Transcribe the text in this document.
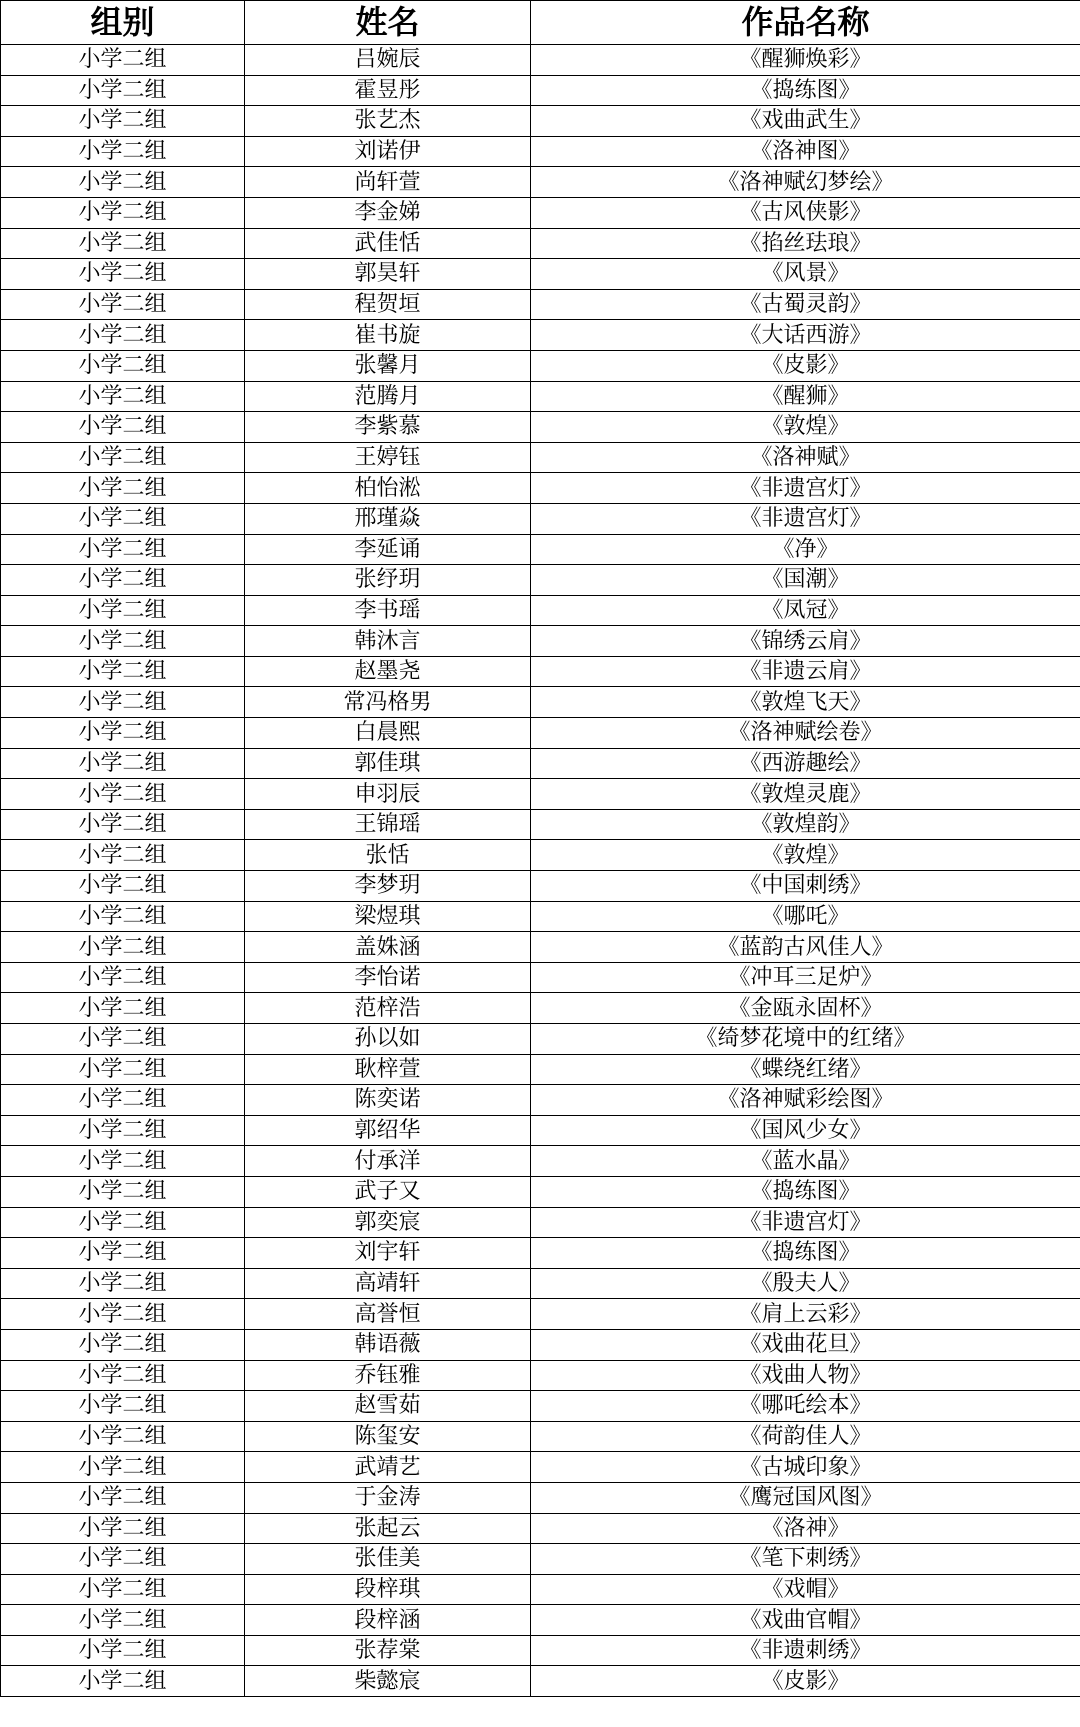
组别	姓名	作品名称
小学二组	吕婉辰	《醒狮焕彩》
小学二组	霍昱彤	《捣练图》
小学二组	张艺杰	《戏曲武生》
小学二组	刘诺伊	《洛神图》
小学二组	尚轩萱	《洛神赋幻梦绘》
小学二组	李金娣	《古风侠影》
小学二组	武佳恬	《掐丝珐琅》
小学二组	郭昊轩	《风景》
小学二组	程贺垣	《古蜀灵韵》
小学二组	崔书旋	《大话西游》
小学二组	张馨月	《皮影》
小学二组	范腾月	《醒狮》
小学二组	李紫慕	《敦煌》
小学二组	王婷钰	《洛神赋》
小学二组	柏怡淞	《非遗宫灯》
小学二组	邢瑾焱	《非遗宫灯》
小学二组	李延诵	《净》
小学二组	张纾玥	《国潮》
小学二组	李书瑶	《凤冠》
小学二组	韩沐言	《锦绣云肩》
小学二组	赵墨尧	《非遗云肩》
小学二组	常冯格男	《敦煌飞天》
小学二组	白晨熙	《洛神赋绘卷》
小学二组	郭佳琪	《西游趣绘》
小学二组	申羽辰	《敦煌灵鹿》
小学二组	王锦瑶	《敦煌韵》
小学二组	张恬	《敦煌》
小学二组	李梦玥	《中国刺绣》
小学二组	梁煜琪	《哪吒》
小学二组	盖姝涵	《蓝韵古风佳人》
小学二组	李怡诺	《冲耳三足炉》
小学二组	范梓浩	《金瓯永固杯》
小学二组	孙以如	《绮梦花境中的红绪》
小学二组	耿梓萱	《蝶绕红绪》
小学二组	陈奕诺	《洛神赋彩绘图》
小学二组	郭绍华	《国风少女》
小学二组	付承洋	《蓝水晶》
小学二组	武子又	《捣练图》
小学二组	郭奕宸	《非遗宫灯》
小学二组	刘宇轩	《捣练图》
小学二组	高靖轩	《殷夫人》
小学二组	高誉恒	《肩上云彩》
小学二组	韩语薇	《戏曲花旦》
小学二组	乔钰雅	《戏曲人物》
小学二组	赵雪茹	《哪吒绘本》
小学二组	陈玺安	《荷韵佳人》
小学二组	武靖艺	《古城印象》
小学二组	于金涛	《鹰冠国风图》
小学二组	张起云	《洛神》
小学二组	张佳美	《笔下刺绣》
小学二组	段梓琪	《戏帽》
小学二组	段梓涵	《戏曲官帽》
小学二组	张荐棠	《非遗刺绣》
小学二组	柴懿宸	《皮影》
